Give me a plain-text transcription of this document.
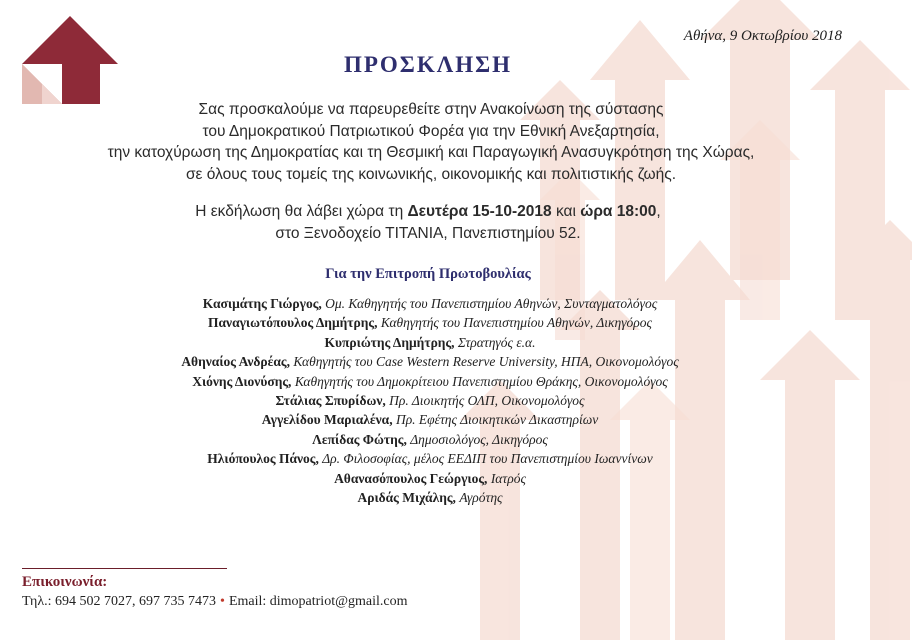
Αθήνα, 9 Οκτωβρίου 2018
ΠΡΟΣΚΛΗΣΗ
Σας προσκαλούμε να παρευρεθείτε στην Ανακοίνωση της σύστασης
του Δημοκρατικού Πατριωτικού Φορέα για την Εθνική Ανεξαρτησία,
την κατοχύρωση της Δημοκρατίας και τη Θεσμική και Παραγωγική Ανασυγκρότηση της Χώρας,
σε όλους τους τομείς της κοινωνικής, οικονομικής και πολιτιστικής ζωής.
Η εκδήλωση θα λάβει χώρα τη Δευτέρα 15-10-2018 και ώρα 18:00,
στο Ξενοδοχείο ΤΙΤΑΝΙΑ, Πανεπιστημίου 52.
Για την Επιτροπή Πρωτοβουλίας
Κασιμάτης Γιώργος, Ομ. Καθηγητής του Πανεπιστημίου Αθηνών, Συνταγματολόγος
Παναγιωτόπουλος Δημήτρης, Καθηγητής του Πανεπιστημίου Αθηνών, Δικηγόρος
Κυπριώτης Δημήτρης, Στρατηγός ε.α.
Αθηναίος Ανδρέας, Καθηγητής του Case Western Reserve University, ΗΠΑ, Οικονομολόγος
Χιόνης Διονύσης, Καθηγητής του Δημοκρίτειου Πανεπιστημίου Θράκης, Οικονομολόγος
Στάλιας Σπυρίδων, Πρ. Διοικητής ΟΛΠ, Οικονομολόγος
Αγγελίδου Μαριαλένα, Πρ. Εφέτης Διοικητικών Δικαστηρίων
Λεπίδας Φώτης, Δημοσιολόγος, Δικηγόρος
Ηλιόπουλος Πάνος, Δρ. Φιλοσοφίας, μέλος ΕΕΔΙΠ του Πανεπιστημίου Ιωαννίνων
Αθανασόπουλος Γεώργιος, Ιατρός
Αριδάς Μιχάλης, Αγρότης
Επικοινωνία:
Τηλ.: 694 502 7027, 697 735 7473 • Email: dimopatriot@gmail.com
